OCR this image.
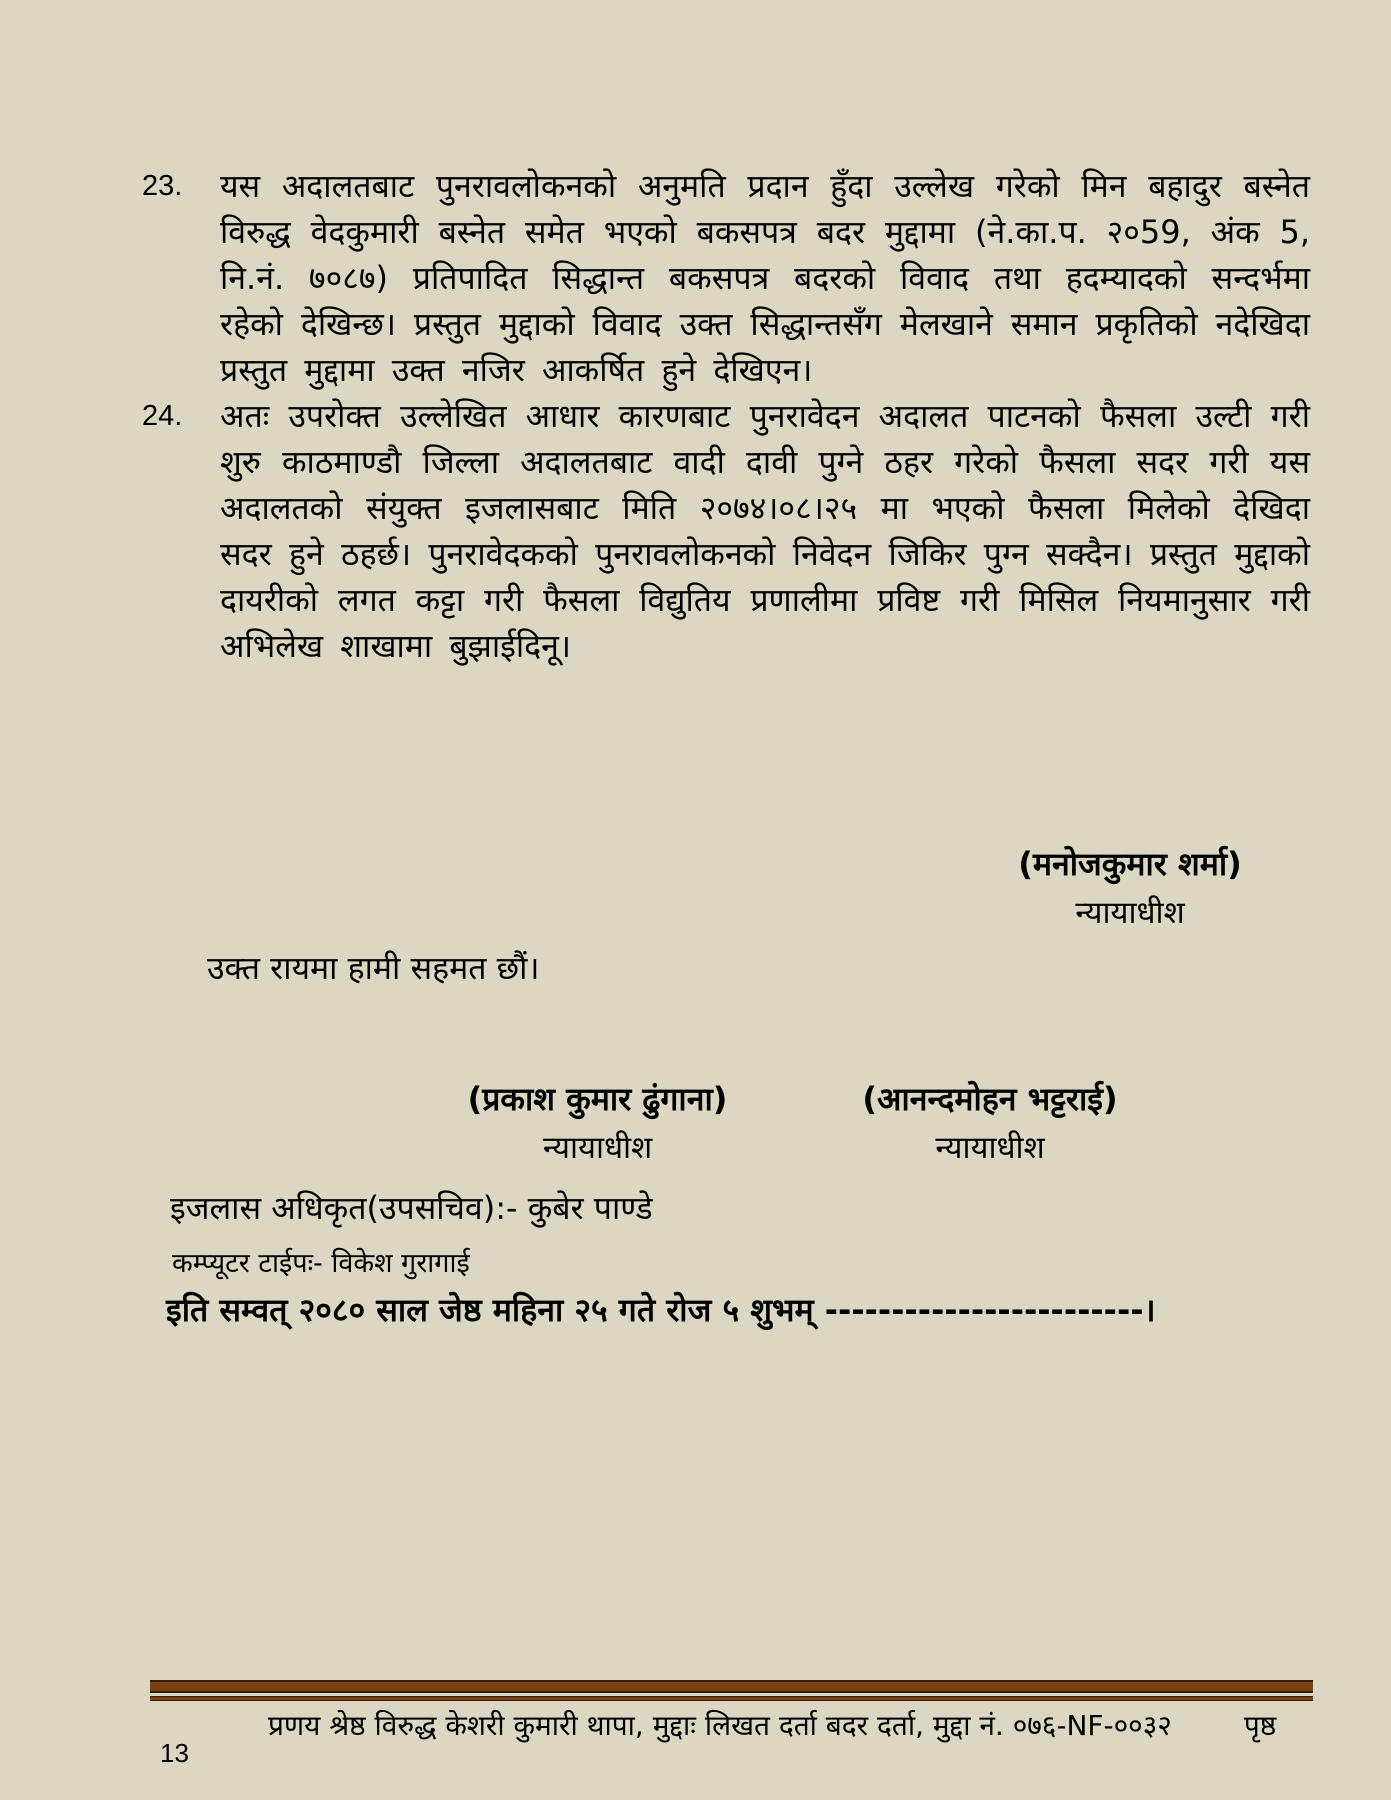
23.	यस अदालतबाट पुनरावलोकनको अनुमति प्रदान हुँदा उल्लेख गरेको मिन बहादुर बस्नेत विरुद्ध वेदकुमारी बस्नेत समेत भएको बकसपत्र बदर मुद्दामा (ने.का.प. २०59, अंक 5, नि.नं. ७०८७) प्रतिपादित सिद्धान्त बकसपत्र बदरको विवाद तथा हदम्यादको सन्दर्भमा रहेको देखिन्छ। प्रस्तुत मुद्दाको विवाद उक्त सिद्धान्तसँग मेलखाने समान प्रकृतिको नदेखिदा प्रस्तुत मुद्दामा उक्त नजिर आकर्षित हुने देखिएन।
24.	अतः उपरोक्त उल्लेखित आधार कारणबाट पुनरावेदन अदालत पाटनको फैसला उल्टी गरी शुरु काठमाण्डौ जिल्ला अदालतबाट वादी दावी पुग्ने ठहर गरेको फैसला सदर गरी यस अदालतको संयुक्त इजलासबाट मिति २०७४।०८।२५ मा भएको फैसला मिलेको देखिदा सदर हुने ठहर्छ। पुनरावेदकको पुनरावलोकनको निवेदन जिकिर पुग्न सक्दैन। प्रस्तुत मुद्दाको दायरीको लगत कट्टा गरी फैसला विद्युतिय प्रणालीमा प्रविष्ट गरी मिसिल नियमानुसार गरी अभिलेख शाखामा बुझाईदिनू।
(मनोजकुमार शर्मा)
न्यायाधीश
उक्त रायमा हामी सहमत छौं।
(प्रकाश कुमार ढुंगाना)
न्यायाधीश
(आनन्दमोहन भट्टराई)
न्यायाधीश
इजलास अधिकृत(उपसचिव):- कुबेर पाण्डे
कम्प्यूटर टाईपः- विकेश गुरागाई
इति सम्वत् २०८० साल जेष्ठ महिना २५ गते रोज ५ शुभम् ------------------------।
प्रणय श्रेष्ठ विरुद्ध केशरी कुमारी थापा, मुद्दाः लिखत दर्ता बदर दर्ता, मुद्दा नं. ०७६-NF-००३२	पृष्ठ
13
